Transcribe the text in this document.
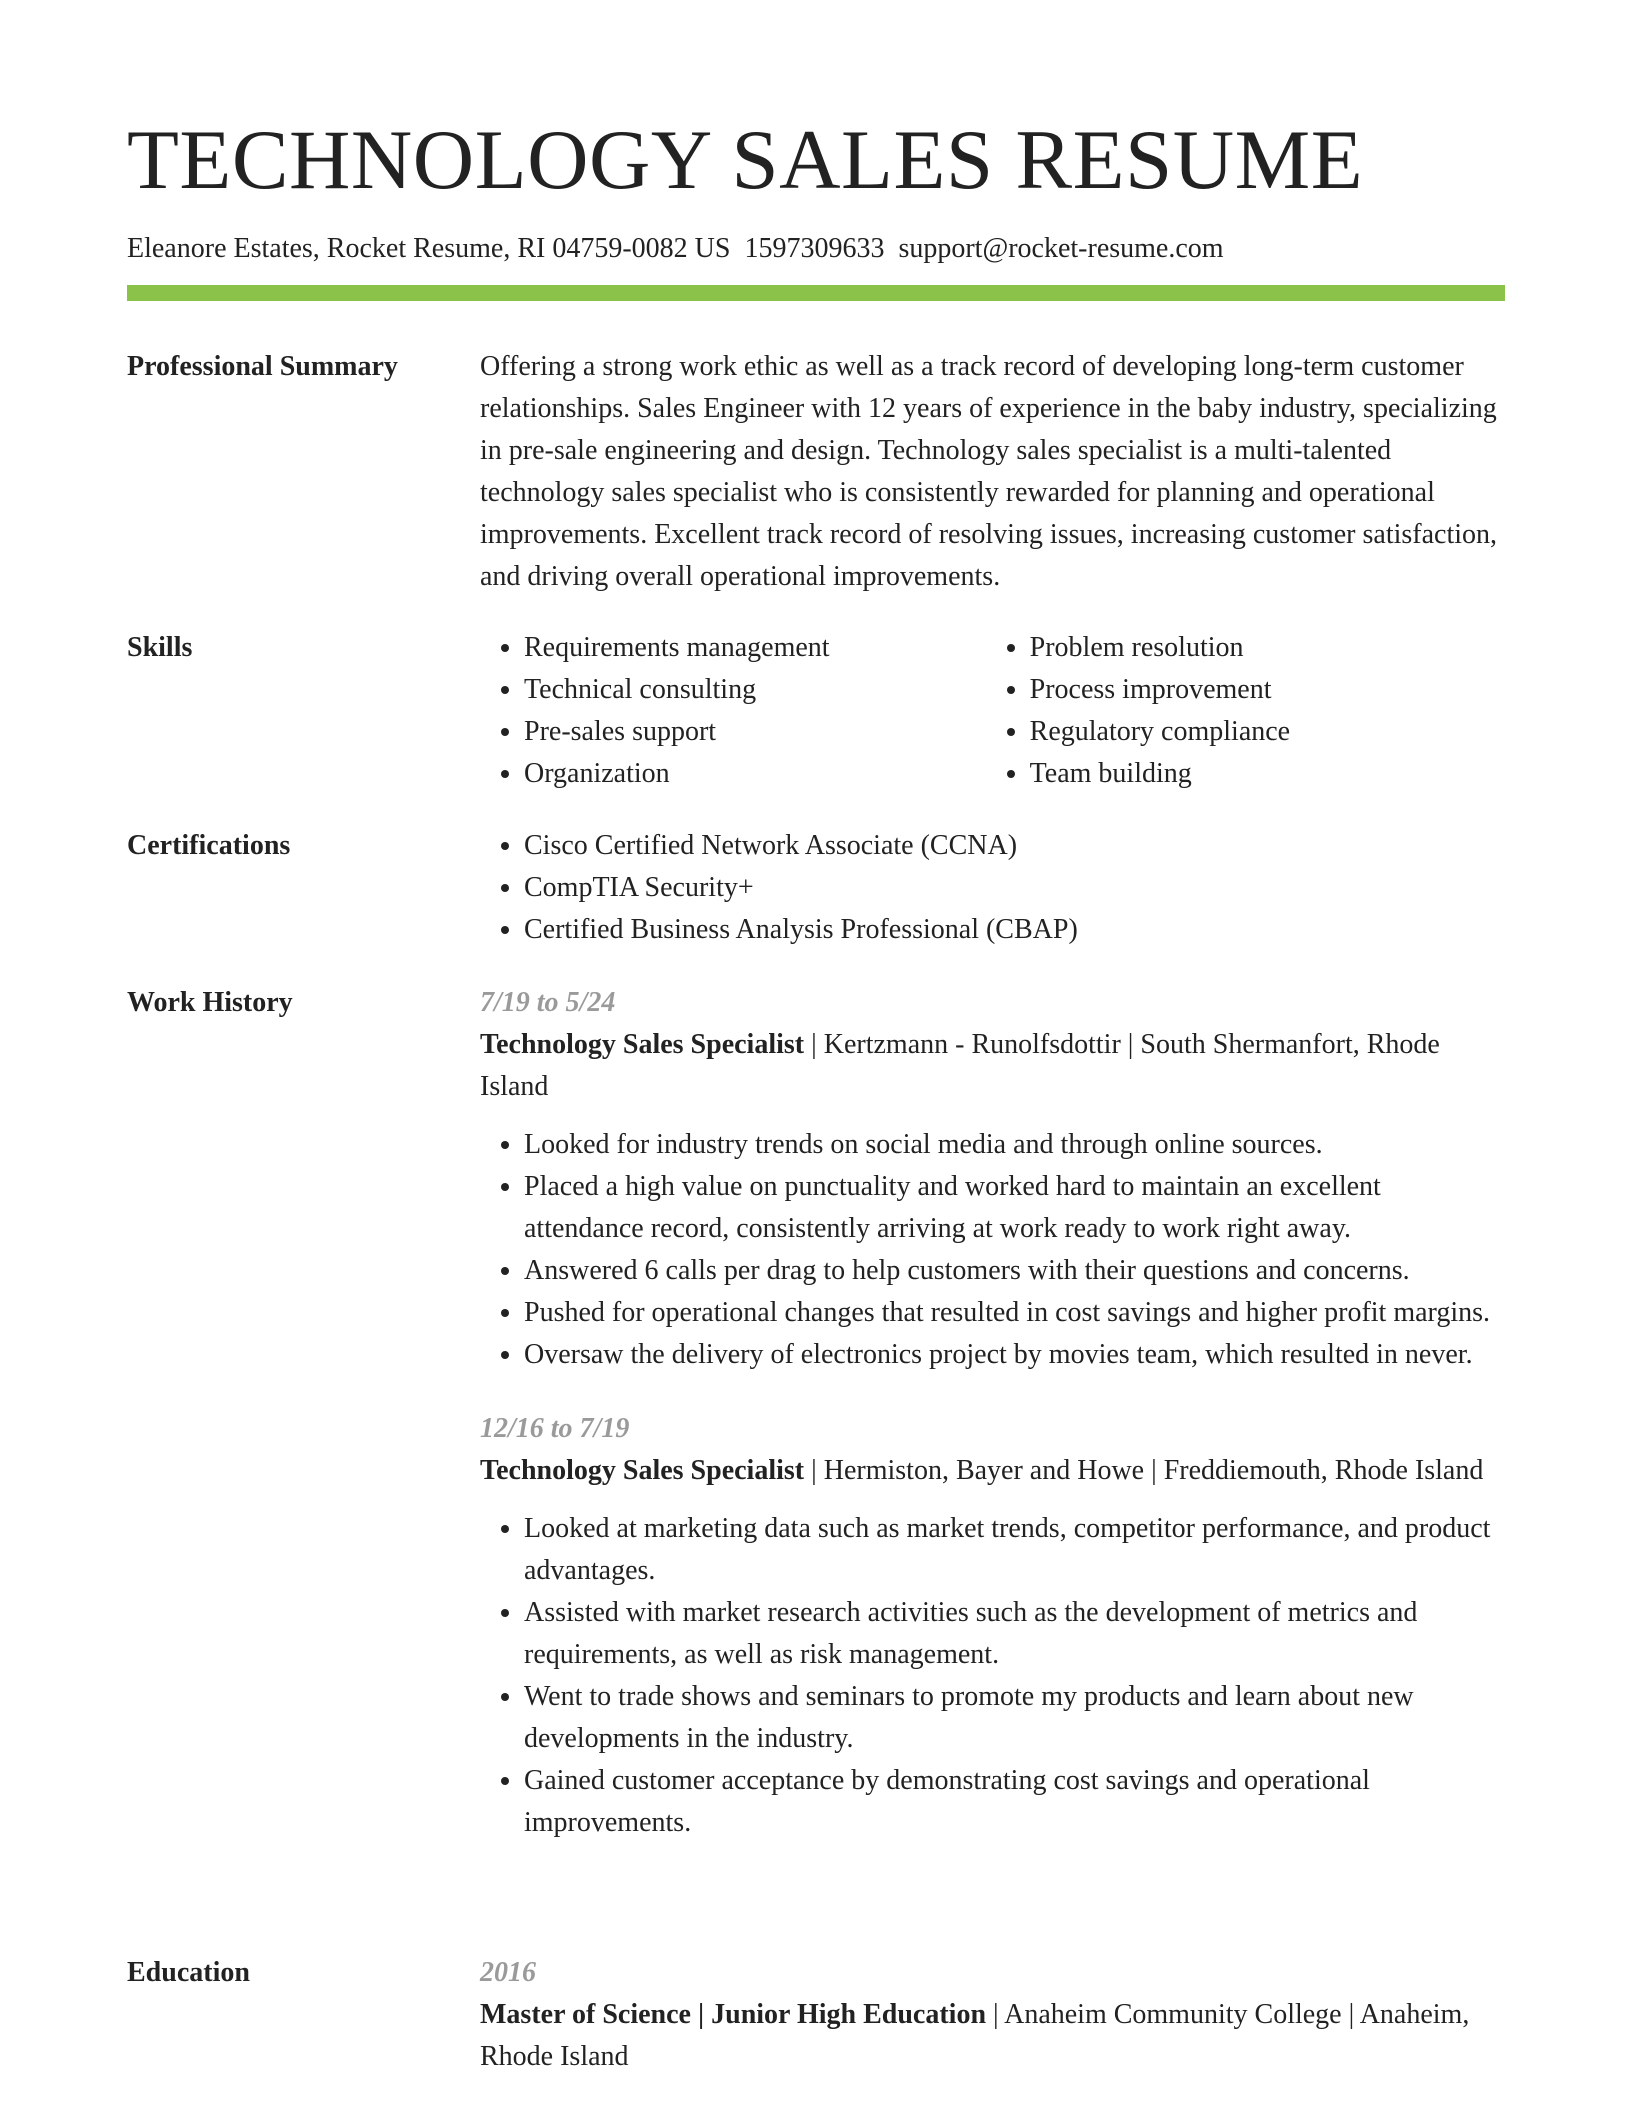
TECHNOLOGY SALES RESUME
Eleanore Estates, Rocket Resume, RI 04759-0082 US 1597309633 support@rocket-resume.com
Professional Summary	Offering a strong work ethic as well as a track record of developing long-term customer relationships. Sales Engineer with 12 years of experience in the baby industry, specializing in pre-sale engineering and design. Technology sales specialist is a multi-talented technology sales specialist who is consistently rewarded for planning and operational improvements. Excellent track record of resolving issues, increasing customer satisfaction, and driving overall operational improvements.

Skills	• Requirements management
• Technical consulting
• Pre-sales support
• Organization
• Problem resolution
• Process improvement
• Regulatory compliance
• Team building
Certifications	• Cisco Certified Network Associate (CCNA)
• CompTIA Security+
• Certified Business Analysis Professional (CBAP)
Work History	7/19 to 5/24
Technology Sales Specialist | Kertzmann - Runolfsdottir | South Shermanfort, Rhode Island
• Looked for industry trends on social media and through online sources.
• Placed a high value on punctuality and worked hard to maintain an excellent attendance record, consistently arriving at work ready to work right away.
• Answered 6 calls per drag to help customers with their questions and concerns.
• Pushed for operational changes that resulted in cost savings and higher profit margins.
• Oversaw the delivery of electronics project by movies team, which resulted in never.
12/16 to 7/19
Technology Sales Specialist | Hermiston, Bayer and Howe | Freddiemouth, Rhode Island
• Looked at marketing data such as market trends, competitor performance, and product advantages.
• Assisted with market research activities such as the development of metrics and requirements, as well as risk management.
• Went to trade shows and seminars to promote my products and learn about new developments in the industry.
• Gained customer acceptance by demonstrating cost savings and operational improvements.
Education	2016
Master of Science | Junior High Education | Anaheim Community College | Anaheim, Rhode Island
